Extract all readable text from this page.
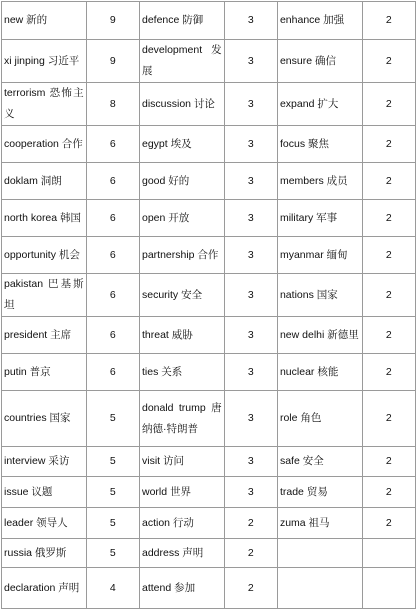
new 新的	9	defence 防御	3	enhance 加强	2

xi jinping 习近平	9	development 发展	3	ensure 确信	2

terrorism 恐怖主义	8	discussion 讨论	3	expand 扩大	2

cooperation 合作	6	egypt 埃及	3	focus 聚焦	2

doklam 洞朗	6	good 好的	3	members 成员	2

north korea 韩国	6	open 开放	3	military 军事	2

opportunity 机会	6	partnership 合作	3	myanmar 缅甸	2

pakistan 巴基斯坦	6	security 安全	3	nations 国家	2

president 主席	6	threat 威胁	3	new delhi 新德里	2

putin 普京	6	ties 关系	3	nuclear 核能	2

countries 国家	5	donald trump 唐纳德·特朗普	3	role 角色	2

interview 采访	5	visit 访问	3	safe 安全	2

issue 议题	5	world 世界	3	trade 贸易	2

leader 领导人	5	action 行动	2	zuma 祖马	2

russia 俄罗斯	5	address 声明	2	

declaration 声明	4	attend 参加	2	
